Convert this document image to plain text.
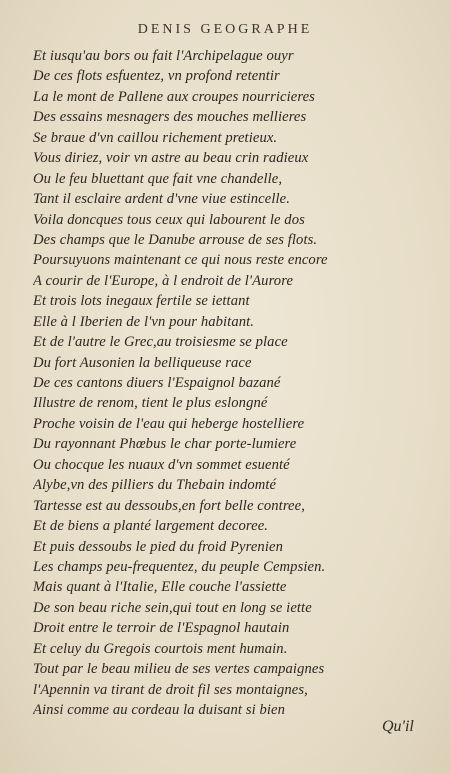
DENIS GEOGRAPHE
Et iusqu'au bors ou fait l'Archipelague ouyr
De ces flots esfuentez, vn profond retentir
La le mont de Pallene aux croupes nourricieres
Des essains mesnagers des mouches mellieres
Se braue d'vn caillou richement pretieux.
Vous diriez, voir vn astre au beau crin radieux
Ou le feu bluettant que fait vne chandelle,
Tant il esclaire ardent d'vne viue estincelle.
Voila doncques tous ceux qui labourent le dos
Des champs que le Danube arrouse de ses flots.
Poursuyuons maintenant ce qui nous reste encore
A courir de l'Europe, à l endroit de l'Aurore
Et trois lots inegaux fertile se iettant
Elle à l Iberien de l'vn pour habitant.
Et de l'autre le Grec,au troisiesme se place
Du fort Ausonien la belliqueuse race
De ces cantons diuers l'Espaignol bazané
Illustre de renom, tient le plus eslongné
Proche voisin de l'eau qui heberge hostelliere
Du rayonnant Phœbus le char porte-lumiere
Ou chocque les nuaux d'vn sommet esuenté
Alybe,vn des pilliers du Thebain indomté
Tartesse est au dessoubs,en fort belle contree,
Et de biens a planté largement decoree.
Et puis dessoubs le pied du froid Pyrenien
Les champs peu-frequentez, du peuple Cempsien.
Mais quant à l'Italie, Elle couche l'assiette
De son beau riche sein,qui tout en long se iette
Droit entre le terroir de l'Espagnol hautain
Et celuy du Gregois courtois ment humain.
Tout par le beau milieu de ses vertes campaignes
l'Apennin va tirant de droit fil ses montaignes,
Ainsi comme au cordeau la duisant si bien
Qu'il
